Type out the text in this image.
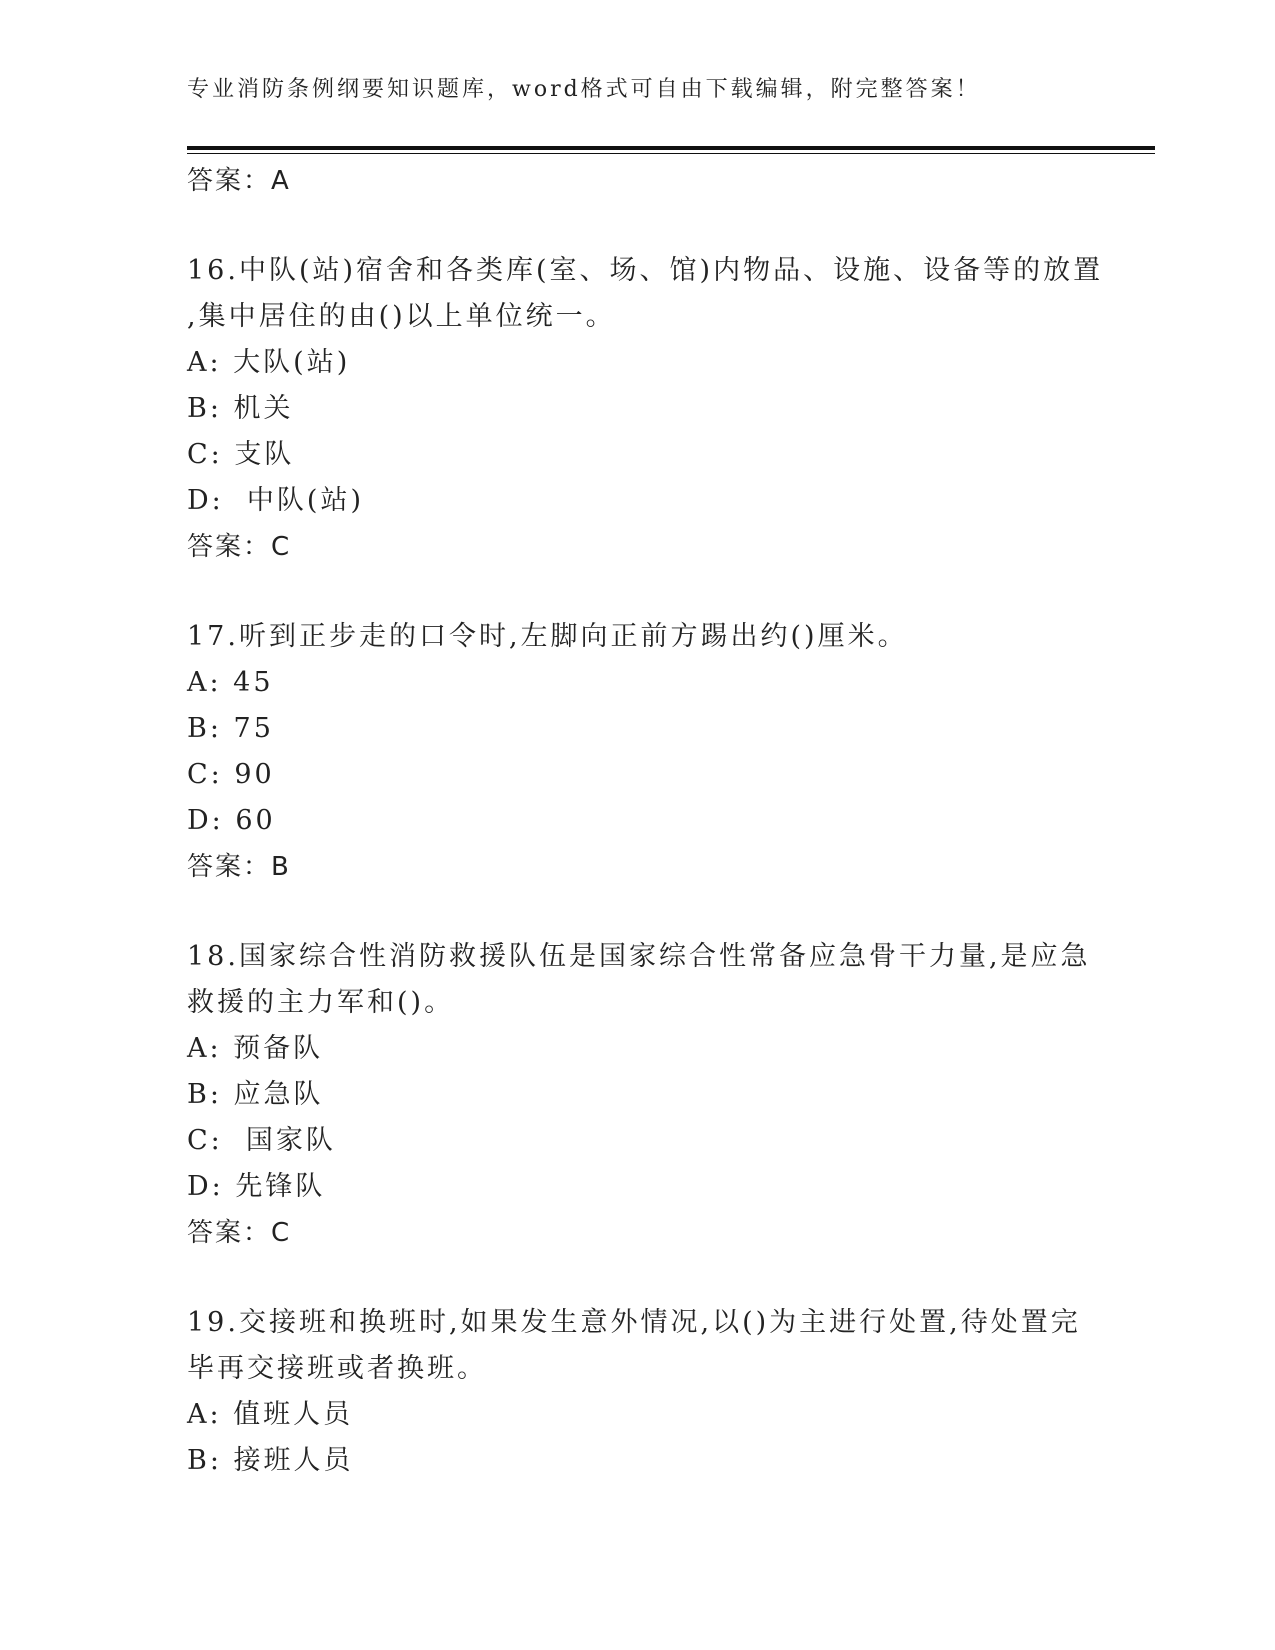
专业消防条例纲要知识题库，word格式可自由下载编辑，附完整答案！
答案：A
16.中队(站)宿舍和各类库(室、场、馆)内物品、设施、设备等的放置
,集中居住的由()以上单位统一。
A: 大队(站)
B: 机关
C: 支队
D:  中队(站)
答案：C
17.听到正步走的口令时,左脚向正前方踢出约()厘米。
A: 45
B: 75
C: 90
D: 60
答案：B
18.国家综合性消防救援队伍是国家综合性常备应急骨干力量,是应急
救援的主力军和()。
A: 预备队
B: 应急队
C:  国家队
D: 先锋队
答案：C
19.交接班和换班时,如果发生意外情况,以()为主进行处置,待处置完
毕再交接班或者换班。
A: 值班人员
B: 接班人员
